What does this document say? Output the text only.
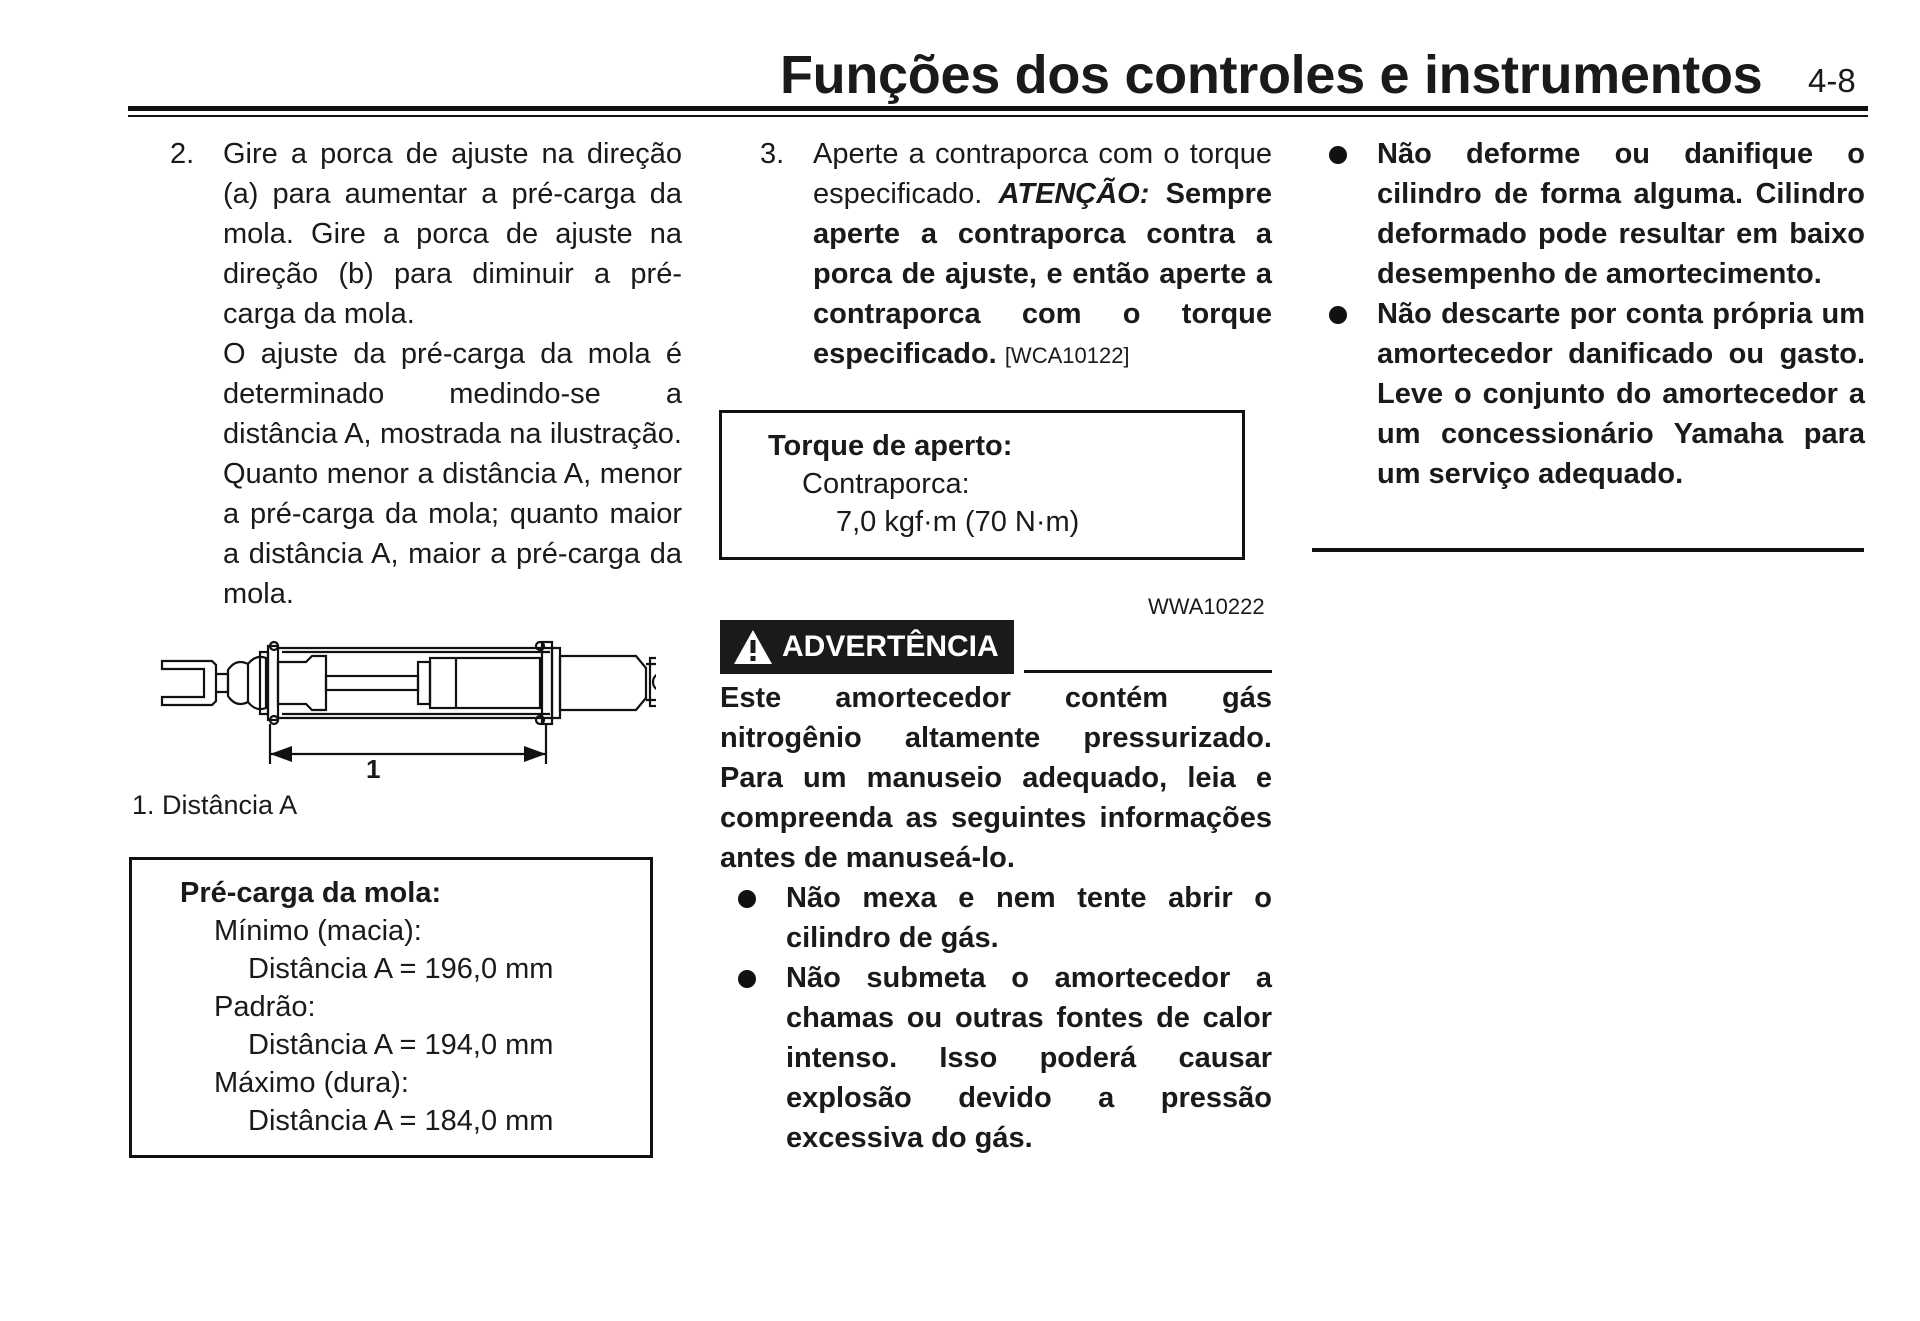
Funções dos controles e instrumentos 4-8
2. Gire a porca de ajuste na direção (a) para aumentar a pré-carga da mola. Gire a porca de ajuste na direção (b) para diminuir a pré-carga da mola.
O ajuste da pré-carga da mola é determinado medindo-se a distância A, mostrada na ilustração. Quanto menor a distância A, menor a pré-carga da mola; quanto maior a distância A, maior a pré-carga da mola.
1
1. Distância A
Pré-carga da mola:
Mínimo (macia):
Distância A = 196,0 mm
Padrão:
Distância A = 194,0 mm
Máximo (dura):
Distância A = 184,0 mm
3. Aperte a contraporca com o torque especificado. ATENÇÃO: Sempre aperte a contraporca contra a porca de ajuste, e então aperte a contraporca com o torque especificado. [WCA10122]
Torque de aperto:
Contraporca:
7,0 kgf·m (70 N·m)
WWA10222
ADVERTÊNCIA
Este amortecedor contém gás nitrogênio altamente pressurizado. Para um manuseio adequado, leia e compreenda as seguintes informações antes de manuseá-lo.
Não mexa e nem tente abrir o cilindro de gás.
Não submeta o amortecedor a chamas ou outras fontes de calor intenso. Isso poderá causar explosão devido a pressão excessiva do gás.
Não deforme ou danifique o cilindro de forma alguma. Cilindro deformado pode resultar em baixo desempenho de amortecimento.
Não descarte por conta própria um amortecedor danificado ou gasto. Leve o conjunto do amortecedor a um concessionário Yamaha para um serviço adequado.
